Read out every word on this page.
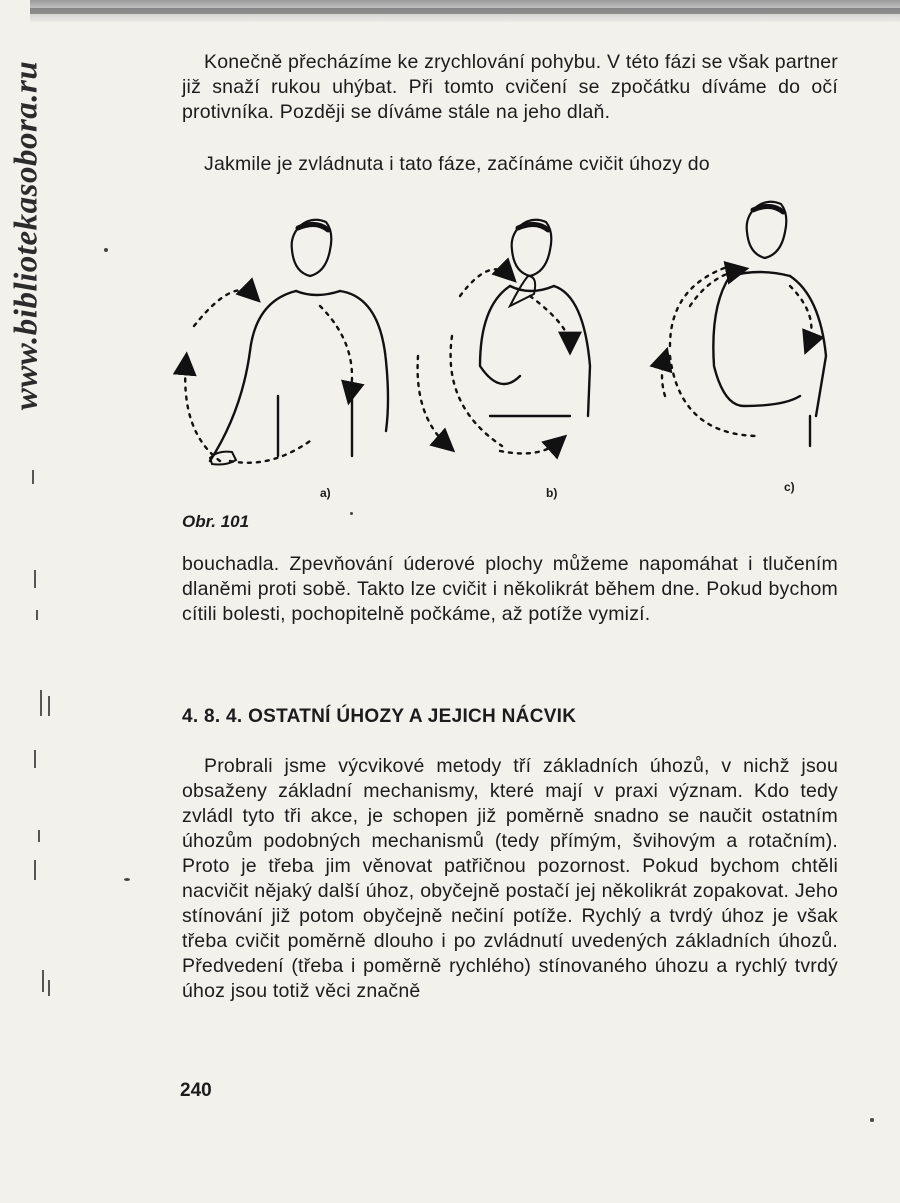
www.bibliotekasobora.ru	Konečně přecházíme ke zrychlování pohybu. V této fázi se však partner již snaží rukou uhýbat. Při tomto cvičení se zpočátku díváme do očí protivníka. Později se díváme stále na jeho dlaň.

Jakmile je zvládnuta i tato fáze, začínáme cvičit úhozy do

a)	b)	c)
Obr. 101

bouchadla. Zpevňování úderové plochy můžeme napomáhat i tlučením dlaněmi proti sobě. Takto lze cvičit i několikrát během dne. Pokud bychom cítili bolesti, pochopitelně počkáme, až potíže vymizí.

4. 8. 4. OSTATNÍ ÚHOZY A JEJICH NÁCVIK

Probrali jsme výcvikové metody tří základních úhozů, v nichž jsou obsaženy základní mechanismy, které mají v praxi význam. Kdo tedy zvládl tyto tři akce, je schopen již poměrně snadno se naučit ostatním úhozům podobných mechanismů (tedy přímým, švihovým a rotačním). Proto je třeba jim věnovat patřičnou pozornost. Pokud bychom chtěli nacvičit nějaký další úhoz, obyčejně postačí jej několikrát zopakovat. Jeho stínování již potom obyčejně nečiní potíže. Rychlý a tvrdý úhoz je však třeba cvičit poměrně dlouho i po zvládnutí uvedených základních úhozů. Předvedení (třeba i poměrně rychlého) stínovaného úhozu a rychlý tvrdý úhoz jsou totiž věci značně

240
